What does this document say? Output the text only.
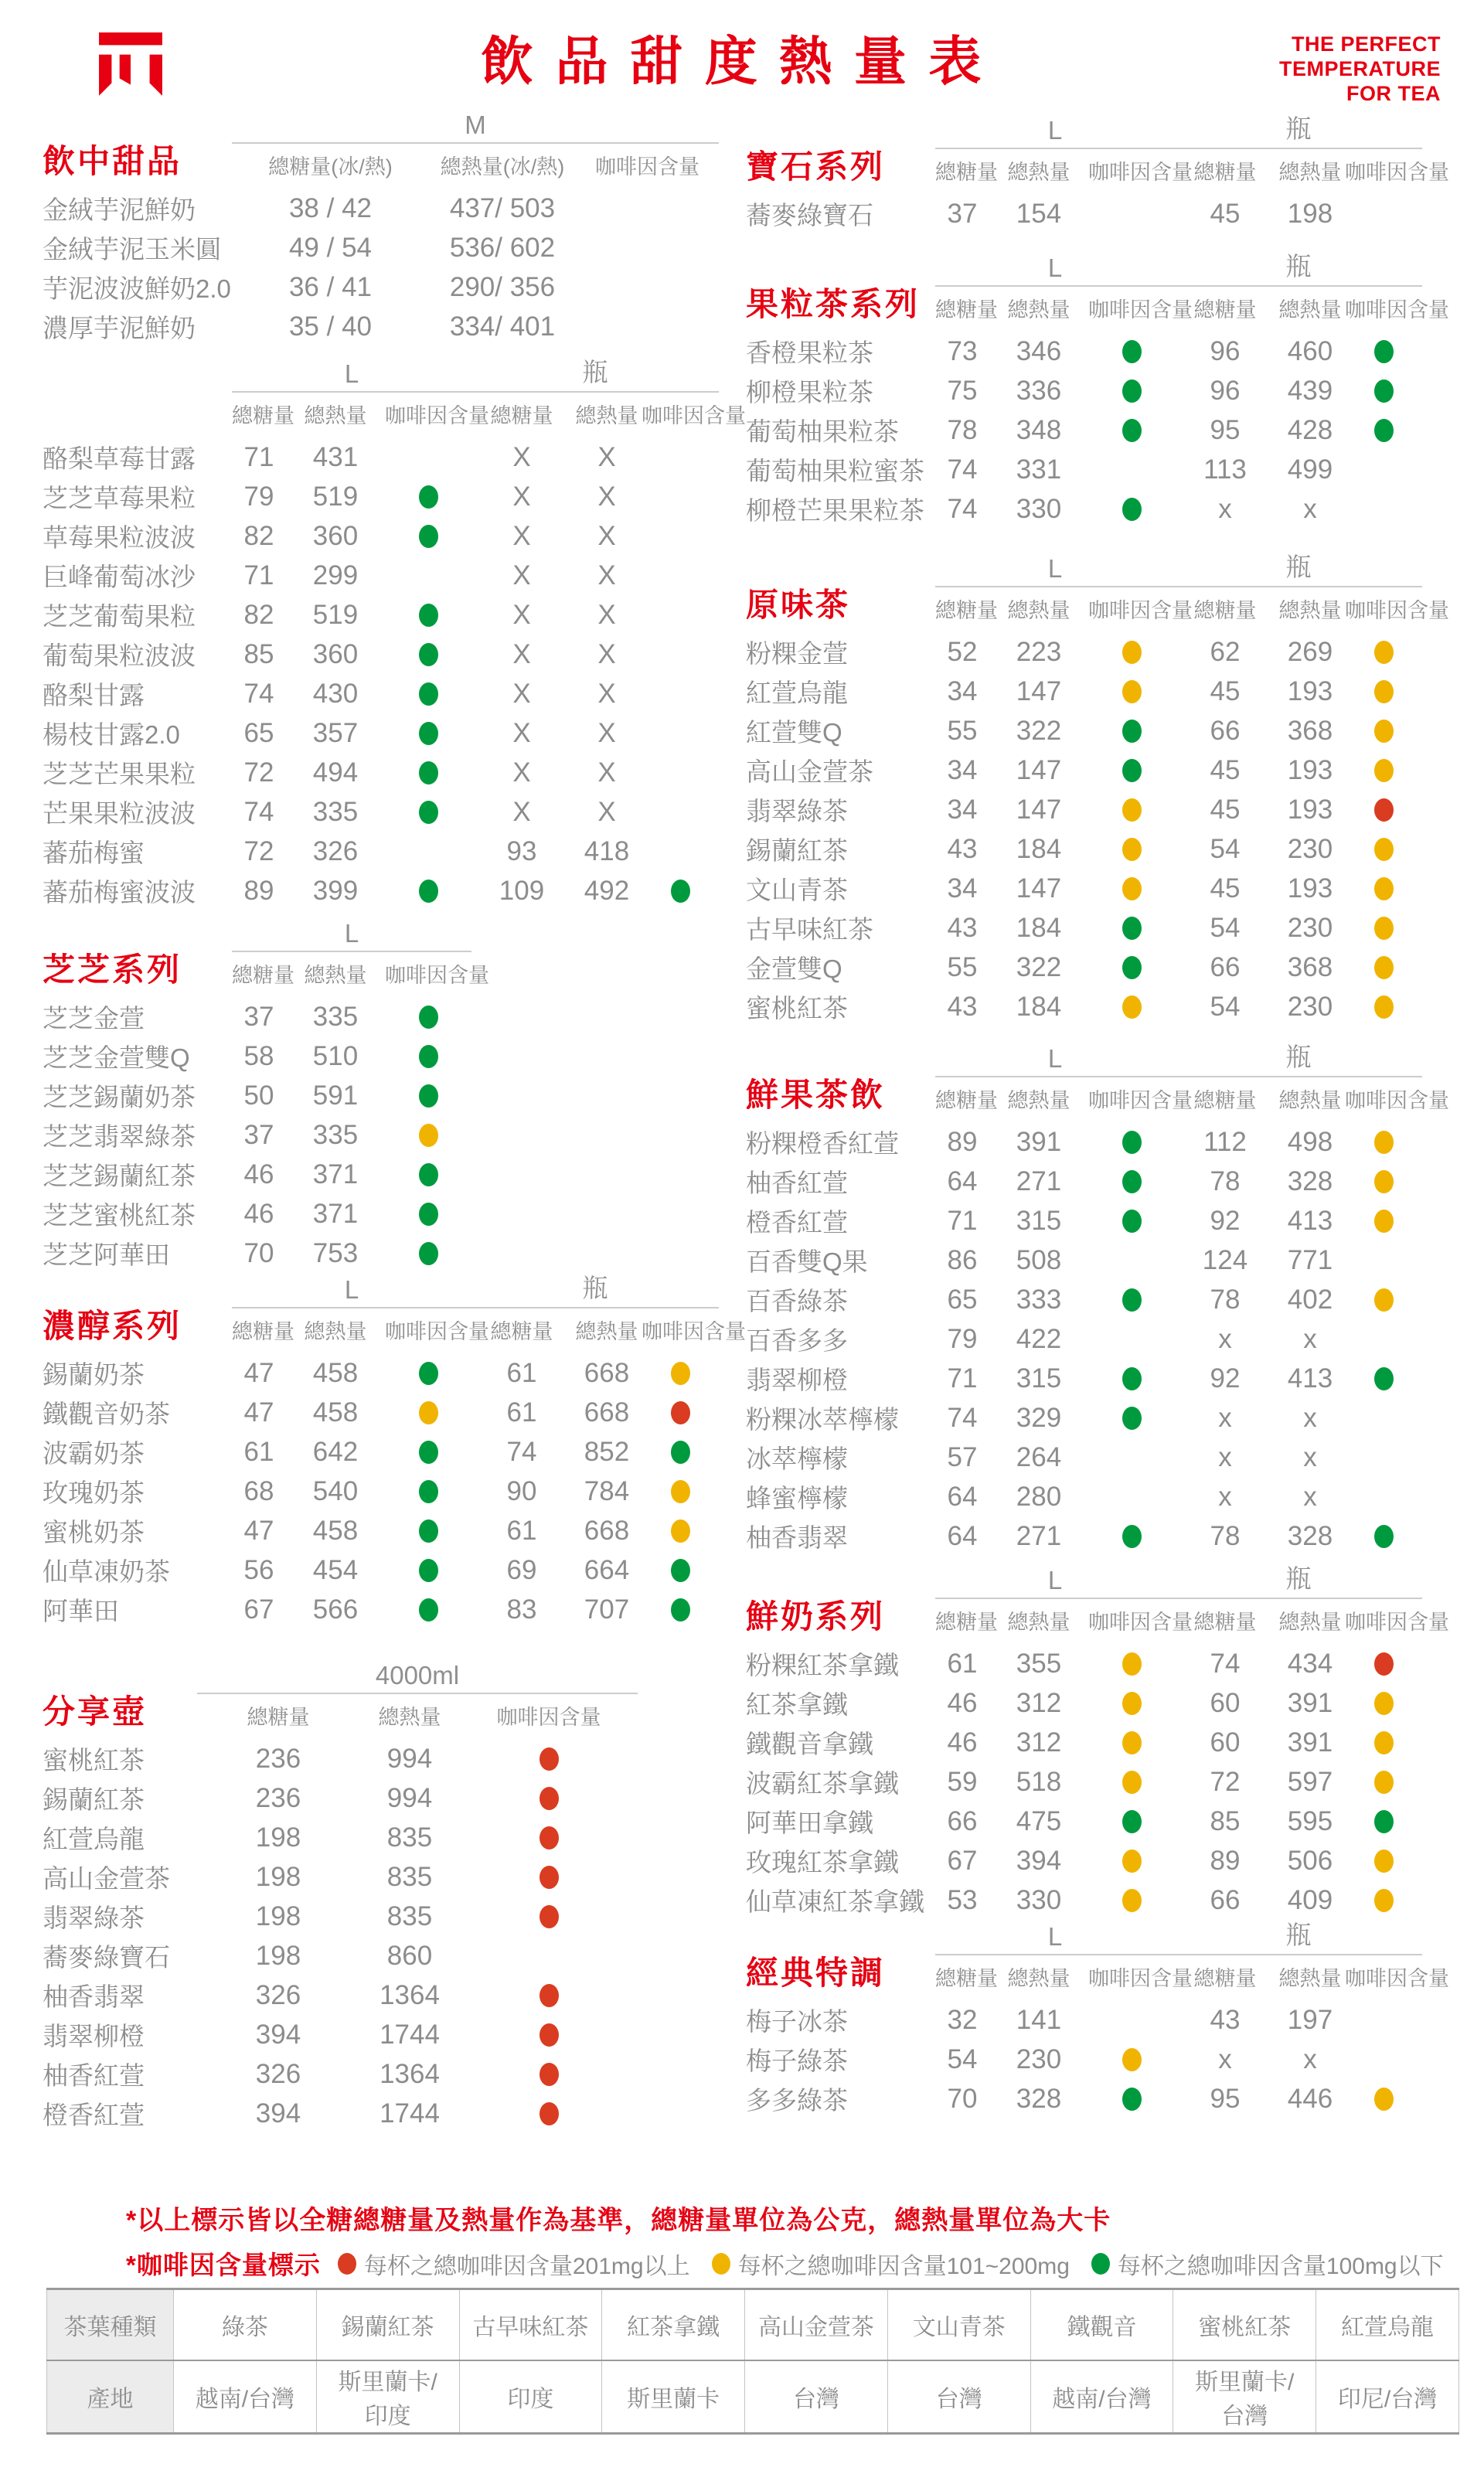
飲品甜度熱量表	THE PERFECT
TEMPERATURE
FOR TEA
飲中甜品
M
總糖量(冰/熱)	總熱量(冰/熱)	咖啡因含量
金絨芋泥鮮奶	38 / 42	437/ 503
金絨芋泥玉米圓	49 / 54	536/ 602
芋泥波波鮮奶2.0	36 / 41	290/ 356
濃厚芋泥鮮奶	35 / 40	334/ 401
L
總糖量 總熱量 咖啡因含量
瓶
總糖量	總熱量 咖啡因含量
酪梨草莓甘露	71	431	X	X
芝芝草莓果粒	79	519	X	X
草莓果粒波波	82	360	X	X
巨峰葡萄冰沙	71	299	X	X
芝芝葡萄果粒	82	519	X	X
葡萄果粒波波	85	360	X	X
酪梨甘露	74	430	X	X
楊枝甘露2.0	65	357	X	X
芝芝芒果果粒	72	494	X	X
芒果果粒波波	74	335	X	X
蕃茄梅蜜	72	326	93	418
蕃茄梅蜜波波	89	399	109	492
芝芝系列
L
總糖量 總熱量 咖啡因含量
芝芝金萱	37	335
芝芝金萱雙Q	58	510
芝芝錫蘭奶茶	50	591
芝芝翡翠綠茶	37	335
芝芝錫蘭紅茶	46	371
芝芝蜜桃紅茶	46	371
芝芝阿華田	70	753
濃醇系列
L
總糖量 總熱量 咖啡因含量
瓶
總糖量	總熱量 咖啡因含量
錫蘭奶茶	47	458	61	668
鐵觀音奶茶	47	458	61	668
波霸奶茶	61	642	74	852
玫瑰奶茶	68	540	90	784
蜜桃奶茶	47	458	61	668
仙草凍奶茶	56	454	69	664
阿華田	67	566	83	707
分享壺
4000ml
總糖量	總熱量	咖啡因含量
蜜桃紅茶	236	994
錫蘭紅茶	236	994
紅萱烏龍	198	835
高山金萱茶	198	835
翡翠綠茶	198	835
蕎麥綠寶石	198	860
柚香翡翠	326	1364
翡翠柳橙	394	1744
柚香紅萱	326	1364
橙香紅萱	394	1744
寶石系列
L
總糖量 總熱量 咖啡因含量
瓶
總糖量	總熱量 咖啡因含量
蕎麥綠寶石	37	154	45	198
果粒茶系列
L
總糖量 總熱量 咖啡因含量
瓶
總糖量	總熱量 咖啡因含量
香橙果粒茶	73	346	96	460
柳橙果粒茶	75	336	96	439
葡萄柚果粒茶	78	348	95	428
葡萄柚果粒蜜茶 74	331	113	499
柳橙芒果果粒茶 74	330	x	x
原味茶
L
總糖量 總熱量 咖啡因含量
瓶
總糖量	總熱量 咖啡因含量
粉粿金萱	52	223	62	269
紅萱烏龍	34	147	45	193
紅萱雙Q	55	322	66	368
高山金萱茶	34	147	45	193
翡翠綠茶	34	147	45	193
錫蘭紅茶	43	184	54	230
文山青茶	34	147	45	193
古早味紅茶	43	184	54	230
金萱雙Q	55	322	66	368
蜜桃紅茶	43	184	54	230
鮮果茶飲
L
總糖量 總熱量 咖啡因含量
瓶
總糖量	總熱量 咖啡因含量
粉粿橙香紅萱	89	391	112	498
柚香紅萱	64	271	78	328
橙香紅萱	71	315	92	413
百香雙Q果	86	508	124	771
百香綠茶	65	333	78	402
百香多多	79	422	x	x
翡翠柳橙	71	315	92	413
粉粿冰萃檸檬	74	329	x	x
冰萃檸檬	57	264	x	x
蜂蜜檸檬	64	280	x	x
柚香翡翠	64	271	78	328
鮮奶系列
L
總糖量 總熱量 咖啡因含量
瓶
總糖量	總熱量 咖啡因含量
粉粿紅茶拿鐵	61	355	74	434
紅茶拿鐵	46	312	60	391
鐵觀音拿鐵	46	312	60	391
波霸紅茶拿鐵	59	518	72	597
阿華田拿鐵	66	475	85	595
玫瑰紅茶拿鐵	67	394	89	506
仙草凍紅茶拿鐵 53	330	66	409
經典特調
L
總糖量 總熱量 咖啡因含量
瓶
總糖量	總熱量 咖啡因含量
梅子冰茶	32	141	43	197
梅子綠茶	54	230	x	x
多多綠茶	70	328	95	446

*以上標示皆以全糖總糖量及熱量作為基準，總糖量單位為公克，總熱量單位為大卡

*咖啡因含量標示 每杯之總咖啡因含量201mg以上 每杯之總咖啡因含量101~200mg 每杯之總咖啡因含量100mg以下
茶葉種類	綠茶	錫蘭紅茶	古早味紅茶	紅茶拿鐵	高山金萱茶	文山青茶	鐵觀音	蜜桃紅茶	紅萱烏龍
產地	越南/台灣	斯里蘭卡/印度	印度	斯里蘭卡	台灣	台灣	越南/台灣	斯里蘭卡/台灣	印尼/台灣
